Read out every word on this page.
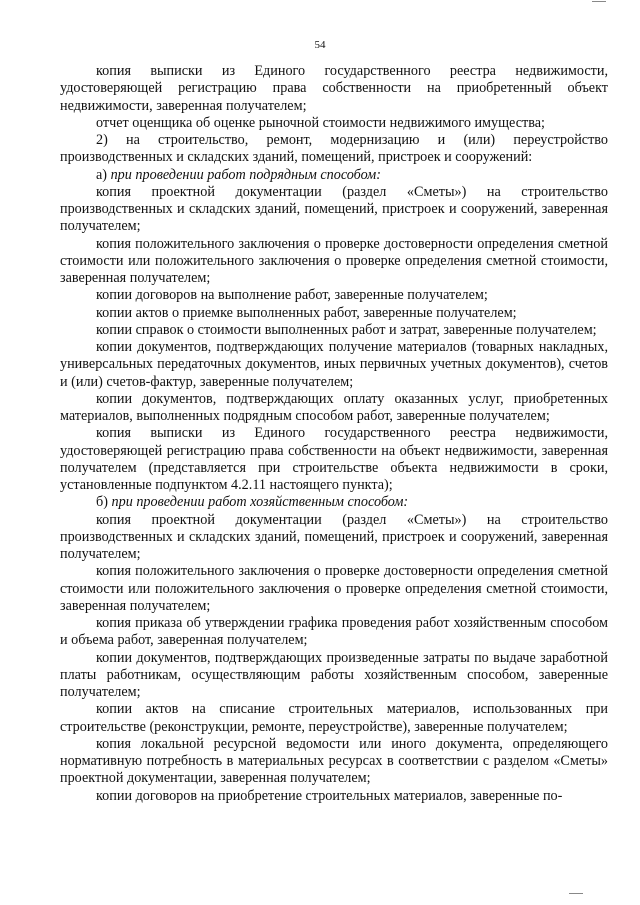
54

копия выписки из Единого государственного реестра недвижимости, удостоверяющей регистрацию права собственности на приобретенный объект недвижимости, заверенная получателем;

отчет оценщика об оценке рыночной стоимости недвижимого имущества;

2) на строительство, ремонт, модернизацию и (или) переустройство производственных и складских зданий, помещений, пристроек и сооружений:

а) при проведении работ подрядным способом:

копия проектной документации (раздел «Сметы») на строительство производственных и складских зданий, помещений, пристроек и сооружений, заверенная получателем;

копия положительного заключения о проверке достоверности определения сметной стоимости или положительного заключения о проверке определения сметной стоимости, заверенная получателем;

копии договоров на выполнение работ, заверенные получателем;

копии актов о приемке выполненных работ, заверенные получателем;

копии справок о стоимости выполненных работ и затрат, заверенные получателем;

копии документов, подтверждающих получение материалов (товарных накладных, универсальных передаточных документов, иных первичных учетных документов), счетов и (или) счетов-фактур, заверенные получателем;

копии документов, подтверждающих оплату оказанных услуг, приобретенных материалов, выполненных подрядным способом работ, заверенные получателем;

копия выписки из Единого государственного реестра недвижимости, удостоверяющей регистрацию права собственности на объект недвижимости, заверенная получателем (представляется при строительстве объекта недвижимости в сроки, установленные подпунктом 4.2.11 настоящего пункта);

б) при проведении работ хозяйственным способом:

копия проектной документации (раздел «Сметы») на строительство производственных и складских зданий, помещений, пристроек и сооружений, заверенная получателем;

копия положительного заключения о проверке достоверности определения сметной стоимости или положительного заключения о проверке определения сметной стоимости, заверенная получателем;

копия приказа об утверждении графика проведения работ хозяйственным способом и объема работ, заверенная получателем;

копии документов, подтверждающих произведенные затраты по выдаче заработной платы работникам, осуществляющим работы хозяйственным способом, заверенные получателем;

копии актов на списание строительных материалов, использованных при строительстве (реконструкции, ремонте, переустройстве), заверенные получателем;

копия локальной ресурсной ведомости или иного документа, определяющего нормативную потребность в материальных ресурсах в соответствии с разделом «Сметы» проектной документации, заверенная получателем;

копии договоров на приобретение строительных материалов, заверенные по-
